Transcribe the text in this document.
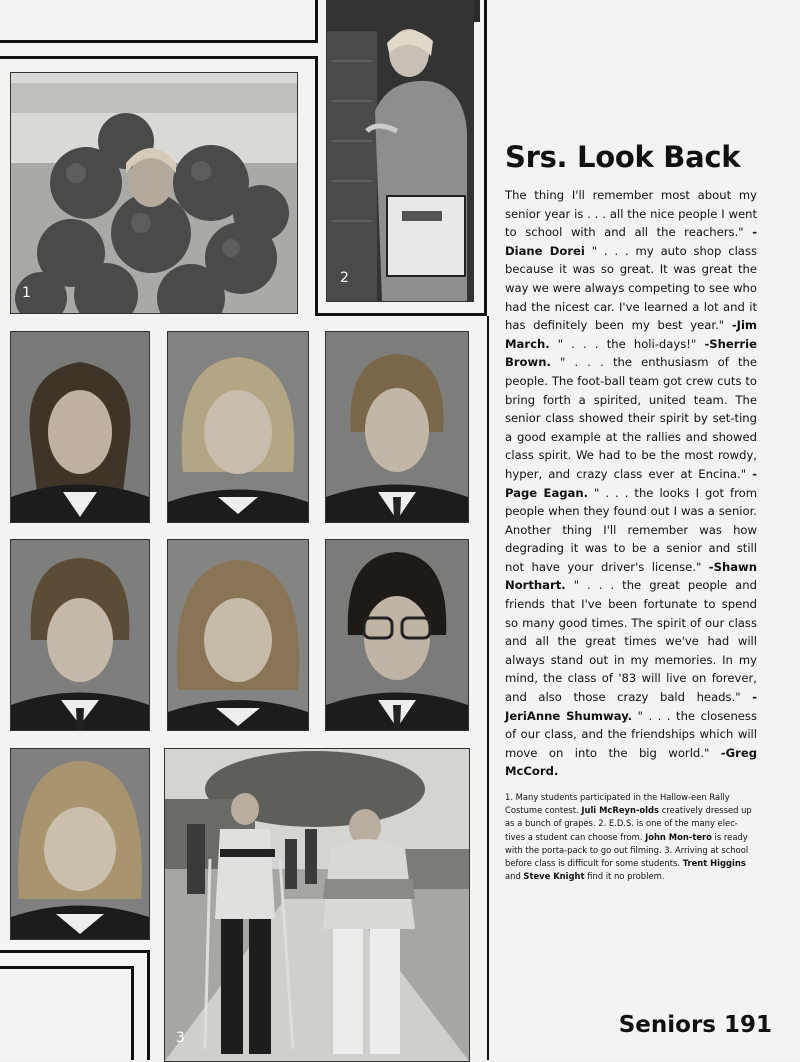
1
2
3
Srs. Look Back

The thing I'll remember most about my senior year is . . . all the nice people I went to school with and all the reachers." -Diane Dorei " . . . my auto shop class because it was so great. It was great the way we were always competing to see who had the nicest car. I've learned a lot and it has definitely been my best year." -Jim March. " . . . the holi-days!" -Sherrie Brown. " . . . the enthusiasm of the people. The foot-ball team got crew cuts to bring forth a spirited, united team. The senior class showed their spirit by set-ting a good example at the rallies and showed class spirit. We had to be the most rowdy, hyper, and crazy class ever at Encina." -Page Eagan. " . . . the looks I got from people when they found out I was a senior. Another thing I'll remember was how degrading it was to be a senior and still not have your driver's license." -Shawn Northart. " . . . the great people and friends that I've been fortunate to spend so many good times. The spirit of our class and all the great times we've had will always stand out in my memories. In my mind, the class of '83 will live on forever, and also those crazy bald heads." -JeriAnne Shumway. " . . . the closeness of our class, and the friendships which will move on into the big world." -Greg McCord.

1. Many students participated in the Hallow-een Rally Costume contest. Juli McReyn-olds creatively dressed up as a bunch of grapes. 2. E.D.S. is one of the many elec-tives a student can choose from. John Mon-tero is ready with the porta-pack to go out filming. 3. Arriving at school before class is difficult for some students. Trent Higgins and Steve Knight find it no problem.

Seniors 191
